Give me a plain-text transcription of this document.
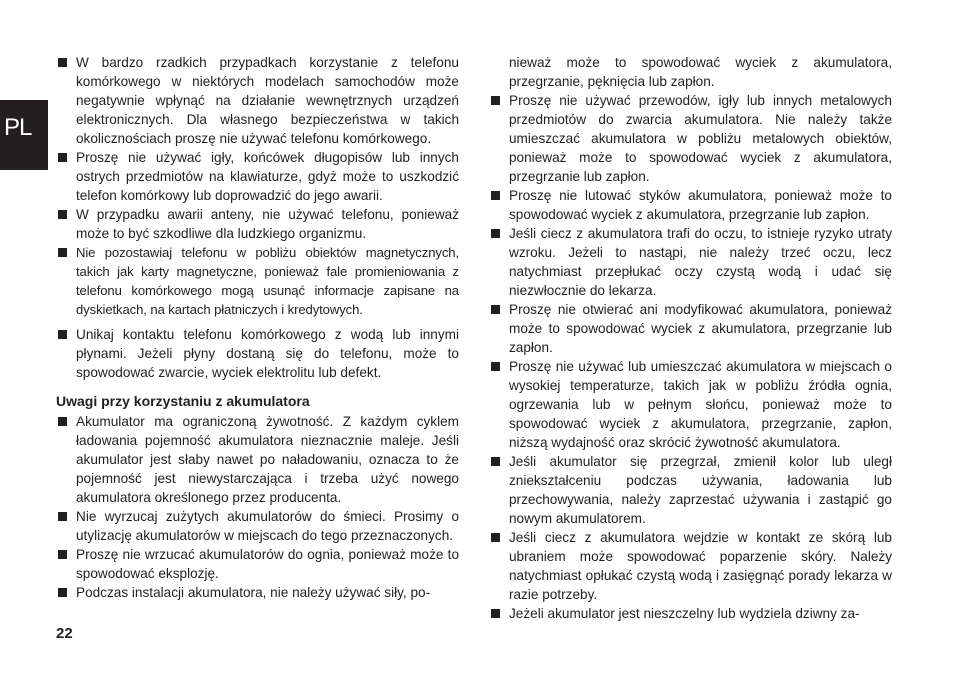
PL

W bardzo rzadkich przypadkach korzystanie z telefonu komórkowego w niektórych modelach samochodów może negatywnie wpłynąć na działanie wewnętrznych urządzeń elektronicznych. Dla własnego bezpieczeństwa w takich okolicznościach proszę nie używać telefonu komórkowego.

Proszę nie używać igły, końcówek długopisów lub innych ostrych przedmiotów na klawiaturze, gdyż może to uszkodzić telefon komórkowy lub doprowadzić do jego awarii.

W przypadku awarii anteny, nie używać telefonu, ponieważ może to być szkodliwe dla ludzkiego organizmu.

Nie pozostawiaj telefonu w pobliżu obiektów magnetycznych, takich jak karty magnetyczne, ponieważ fale promieniowania z telefonu komórkowego mogą usunąć informacje zapisane na dyskietkach, na kartach płatniczych i kredytowych.

Unikaj kontaktu telefonu komórkowego z wodą lub innymi płynami. Jeżeli płyny dostaną się do telefonu, może to spowodować zwarcie, wyciek elektrolitu lub defekt.

Uwagi przy korzystaniu z akumulatora

Akumulator ma ograniczoną żywotność. Z każdym cyklem ładowania pojemność akumulatora nieznacznie maleje. Jeśli akumulator jest słaby nawet po naładowaniu, oznacza to że pojemność jest niewystarczająca i trzeba użyć nowego akumulatora określonego przez producenta.

Nie wyrzucaj zużytych akumulatorów do śmieci. Prosimy o utylizację akumulatorów w miejscach do tego przeznaczonych.

Proszę nie wrzucać akumulatorów do ognia, ponieważ może to spowodować eksplozję.

Podczas instalacji akumulatora, nie należy używać siły, po-

nieważ może to spowodować wyciek z akumulatora, przegrzanie, pęknięcia lub zapłon.

Proszę nie używać przewodów, igły lub innych metalowych przedmiotów do zwarcia akumulatora. Nie należy także umieszczać akumulatora w pobliżu metalowych obiektów, ponieważ może to spowodować wyciek z akumulatora, przegrzanie lub zapłon.

Proszę nie lutować styków akumulatora, ponieważ może to spowodować wyciek z akumulatora, przegrzanie lub zapłon.

Jeśli ciecz z akumulatora trafi do oczu, to istnieje ryzyko utraty wzroku. Jeżeli to nastąpi, nie należy trzeć oczu, lecz natychmiast przepłukać oczy czystą wodą i udać się niezwłocznie do lekarza.

Proszę nie otwierać ani modyfikować akumulatora, ponieważ może to spowodować wyciek z akumulatora, przegrzanie lub zapłon.

Proszę nie używać lub umieszczać akumulatora w miejscach o wysokiej temperaturze, takich jak w pobliżu źródła ognia, ogrzewania lub w pełnym słońcu, ponieważ może to spowodować wyciek z akumulatora, przegrzanie, zapłon, niższą wydajność oraz skrócić żywotność akumulatora.

Jeśli akumulator się przegrzał, zmienił kolor lub uległ zniekształceniu podczas używania, ładowania lub przechowywania, należy zaprzestać używania i zastąpić go nowym akumulatorem.

Jeśli ciecz z akumulatora wejdzie w kontakt ze skórą lub ubraniem może spowodować poparzenie skóry. Należy natychmiast opłukać czystą wodą i zasięgnąć porady lekarza w razie potrzeby.

Jeżeli akumulator jest nieszczelny lub wydziela dziwny za-

22
